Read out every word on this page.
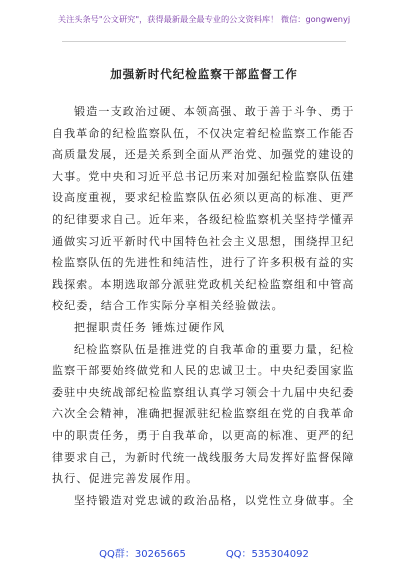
关注头条号"公文研究"，获得最新最全最专业的公文资料库！ 微信：gongwenyj
加强新时代纪检监察干部监督工作
锻造一支政治过硬、本领高强、敢于善于斗争、勇于
自我革命的纪检监察队伍，不仅决定着纪检监察工作能否
高质量发展，还是关系到全面从严治党、加强党的建设的
大事。党中央和习近平总书记历来对加强纪检监察队伍建
设高度重视，要求纪检监察队伍必须以更高的标准、更严
的纪律要求自己。近年来，各级纪检监察机关坚持学懂弄
通做实习近平新时代中国特色社会主义思想，围绕捍卫纪
检监察队伍的先进性和纯洁性，进行了许多积极有益的实
践探索。本期选取部分派驻党政机关纪检监察组和中管高
校纪委，结合工作实际分享相关经验做法。
把握职责任务 锤炼过硬作风
纪检监察队伍是推进党的自我革命的重要力量，纪检
监察干部要始终做党和人民的忠诚卫士。中央纪委国家监
委驻中央统战部纪检监察组认真学习领会十九届中央纪委
六次全会精神，准确把握派驻纪检监察组在党的自我革命
中的职责任务，勇于自我革命，以更高的标准、更严的纪
律要求自己，为新时代统一战线服务大局发挥好监督保障
执行、促进完善发展作用。
坚持锻造对党忠诚的政治品格，以党性立身做事。全
QQ群：30265665	QQ：535304092
